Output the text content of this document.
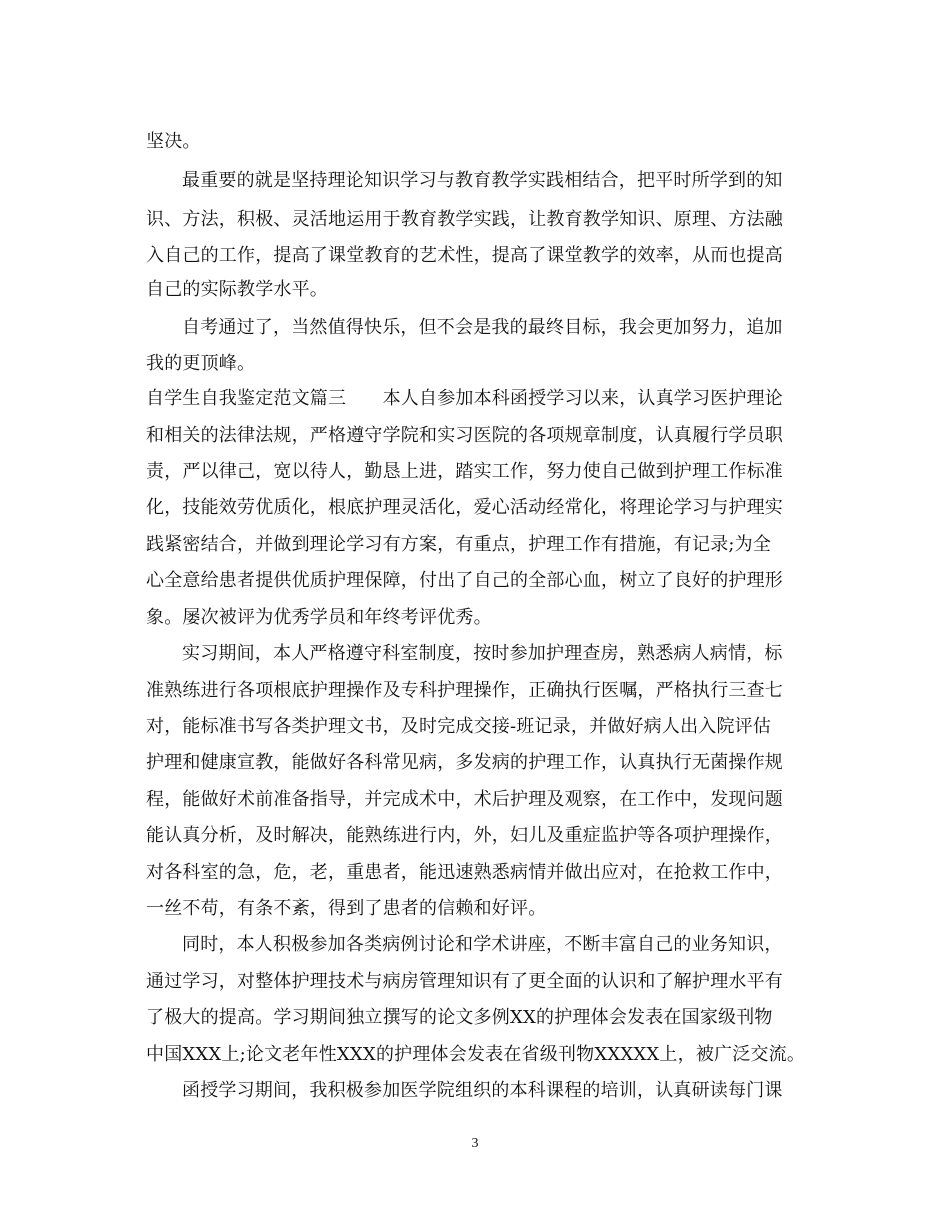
坚决。
最重要的就是坚持理论知识学习与教育教学实践相结合，把平时所学到的知
识、方法，积极、灵活地运用于教育教学实践，让教育教学知识、原理、方法融
入自己的工作，提高了课堂教育的艺术性，提高了课堂教学的效率，从而也提高
自己的实际教学水平。
自考通过了，当然值得快乐，但不会是我的最终目标，我会更加努力，追加
我的更顶峰。
自学生自我鉴定范文篇三　　本人自参加本科函授学习以来，认真学习医护理论
和相关的法律法规，严格遵守学院和实习医院的各项规章制度，认真履行学员职
责，严以律己，宽以待人，勤恳上进，踏实工作，努力使自己做到护理工作标准
化，技能效劳优质化，根底护理灵活化，爱心活动经常化，将理论学习与护理实
践紧密结合，并做到理论学习有方案，有重点，护理工作有措施，有记录;为全
心全意给患者提供优质护理保障，付出了自己的全部心血，树立了良好的护理形
象。屡次被评为优秀学员和年终考评优秀。
实习期间，本人严格遵守科室制度，按时参加护理查房，熟悉病人病情，标
准熟练进行各项根底护理操作及专科护理操作，正确执行医嘱，严格执行三查七
对，能标准书写各类护理文书，及时完成交接-班记录，并做好病人出入院评估
护理和健康宣教，能做好各科常见病，多发病的护理工作，认真执行无菌操作规
程，能做好术前准备指导，并完成术中，术后护理及观察，在工作中，发现问题
能认真分析，及时解决，能熟练进行内，外，妇儿及重症监护等各项护理操作，
对各科室的急，危，老，重患者，能迅速熟悉病情并做出应对，在抢救工作中，
一丝不苟，有条不紊，得到了患者的信赖和好评。
同时，本人积极参加各类病例讨论和学术讲座，不断丰富自己的业务知识，
通过学习，对整体护理技术与病房管理知识有了更全面的认识和了解护理水平有
了极大的提高。学习期间独立撰写的论文多例XX的护理体会发表在国家级刊物
中国XXX上;论文老年性XXX的护理体会发表在省级刊物XXXXX上，被广泛交流。
函授学习期间，我积极参加医学院组织的本科课程的培训，认真研读每门课
3
